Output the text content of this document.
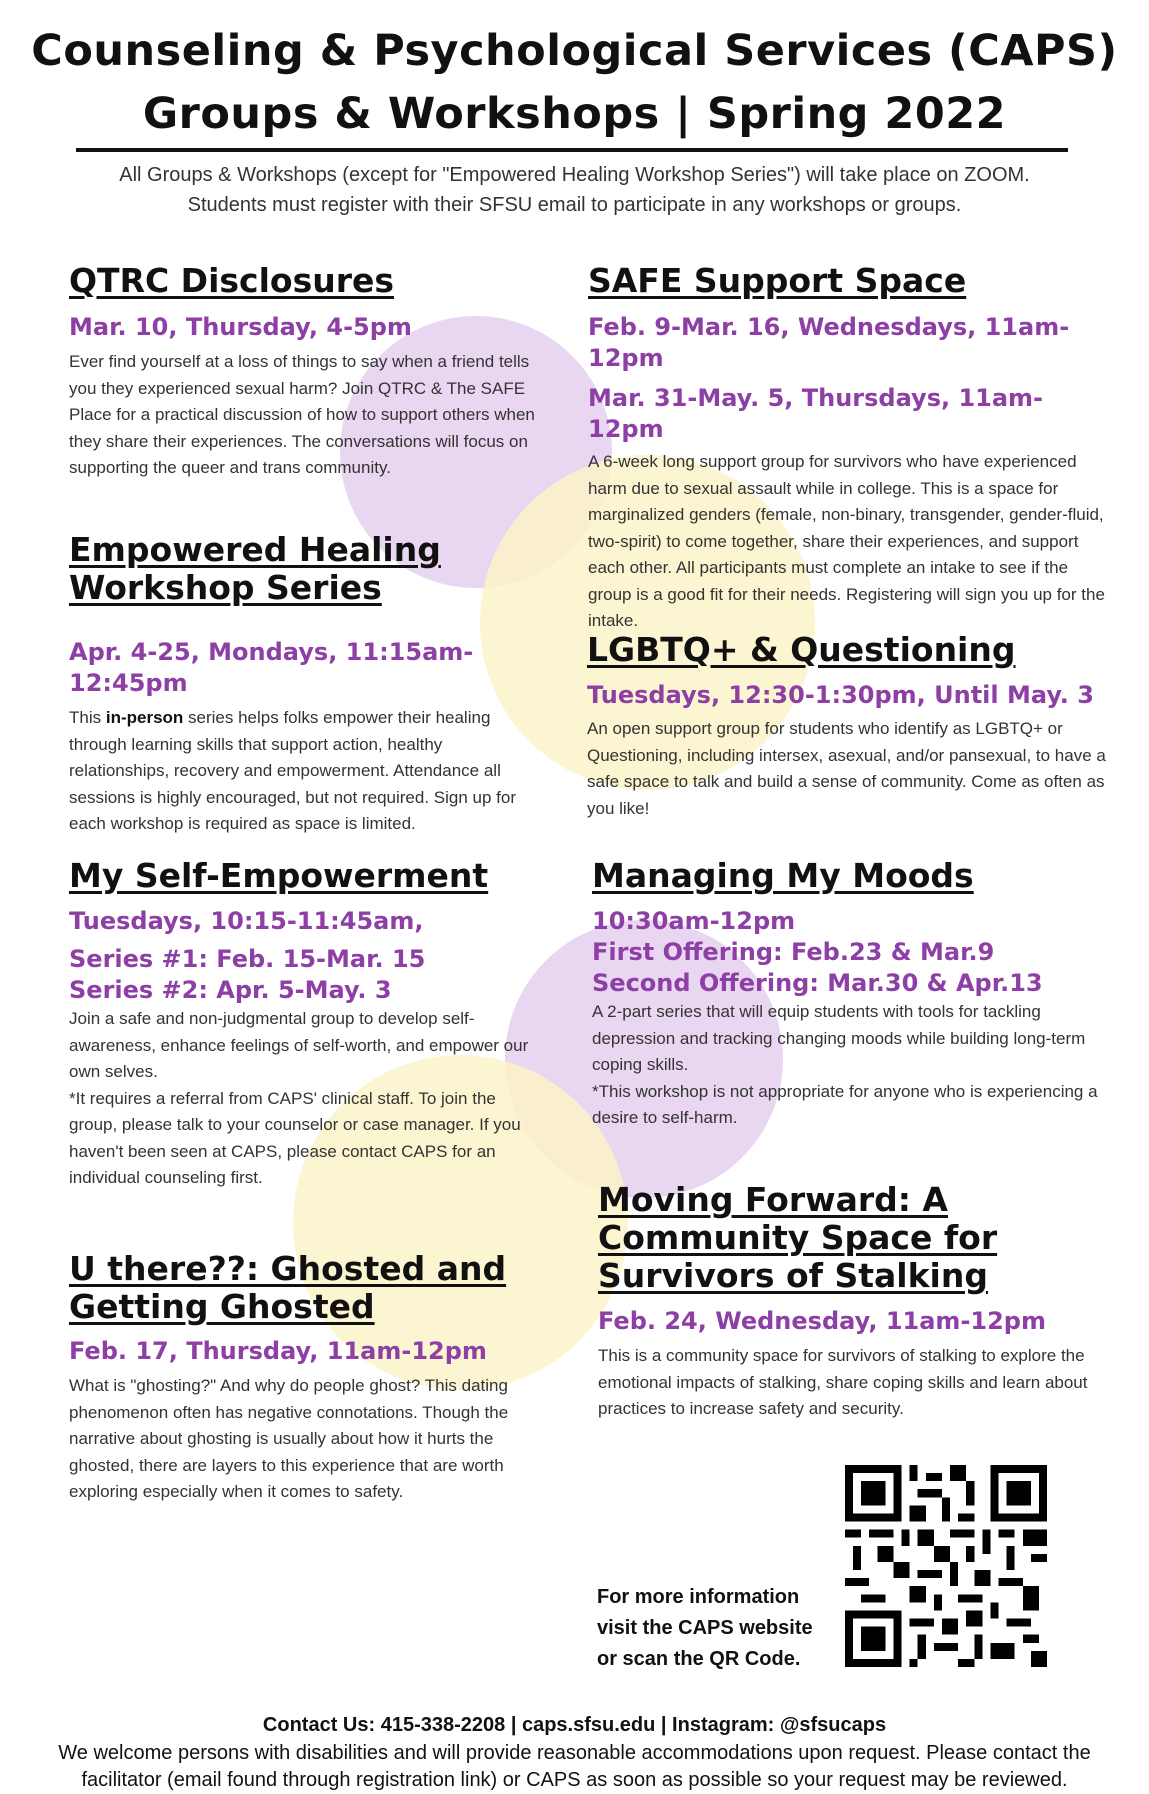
Counseling & Psychological Services (CAPS)
Groups & Workshops | Spring 2022
All Groups & Workshops (except for "Empowered Healing Workshop Series") will take place on ZOOM. Students must register with their SFSU email to participate in any workshops or groups.
QTRC Disclosures

Mar. 10, Thursday, 4-5pm

Ever find yourself at a loss of things to say when a friend tells you they experienced sexual harm? Join QTRC & The SAFE Place for a practical discussion of how to support others when they share their experiences. The conversations will focus on supporting the queer and trans community.

SAFE Support Space

Feb. 9-Mar. 16, Wednesdays, 11am-12pm

Mar. 31-May. 5, Thursdays, 11am-12pm

A 6-week long support group for survivors who have experienced harm due to sexual assault while in college. This is a space for marginalized genders (female, non-binary, transgender, gender-fluid, two-spirit) to come together, share their experiences, and support each other. All participants must complete an intake to see if the group is a good fit for their needs. Registering will sign you up for the intake.

Empowered Healing
Workshop Series

Apr. 4-25, Mondays, 11:15am-12:45pm

This in-person series helps folks empower their healing through learning skills that support action, healthy relationships, recovery and empowerment. Attendance all sessions is highly encouraged, but not required. Sign up for each workshop is required as space is limited.

LGBTQ+ & Questioning

Tuesdays, 12:30-1:30pm, Until May. 3

An open support group for students who identify as LGBTQ+ or Questioning, including intersex, asexual, and/or pansexual, to have a safe space to talk and build a sense of community. Come as often as you like!

My Self-Empowerment

Tuesdays, 10:15-11:45am,

Series #1: Feb. 15-Mar. 15

Series #2: Apr. 5-May. 3

Join a safe and non-judgmental group to develop self-awareness, enhance feelings of self-worth, and empower our own selves.

*It requires a referral from CAPS' clinical staff. To join the group, please talk to your counselor or case manager. If you haven't been seen at CAPS, please contact CAPS for an individual counseling first.

Managing My Moods

10:30am-12pm

First Offering: Feb.23 & Mar.9

Second Offering: Mar.30 & Apr.13

A 2-part series that will equip students with tools for tackling depression and tracking changing moods while building long-term coping skills.

*This workshop is not appropriate for anyone who is experiencing a desire to self-harm.

U there??: Ghosted and
Getting Ghosted

Feb. 17, Thursday, 11am-12pm

What is "ghosting?" And why do people ghost? This dating phenomenon often has negative connotations. Though the narrative about ghosting is usually about how it hurts the ghosted, there are layers to this experience that are worth exploring especially when it comes to safety.

Moving Forward: A
Community Space for
Survivors of Stalking

Feb. 24, Wednesday, 11am-12pm

This is a community space for survivors of stalking to explore the emotional impacts of stalking, share coping skills and learn about practices to increase safety and security.

For more information
visit the CAPS website
or scan the QR Code.
Contact Us: 415-338-2208 | caps.sfsu.edu | Instagram: @sfsucaps
We welcome persons with disabilities and will provide reasonable accommodations upon request. Please contact the facilitator (email found through registration link) or CAPS as soon as possible so your request may be reviewed.
